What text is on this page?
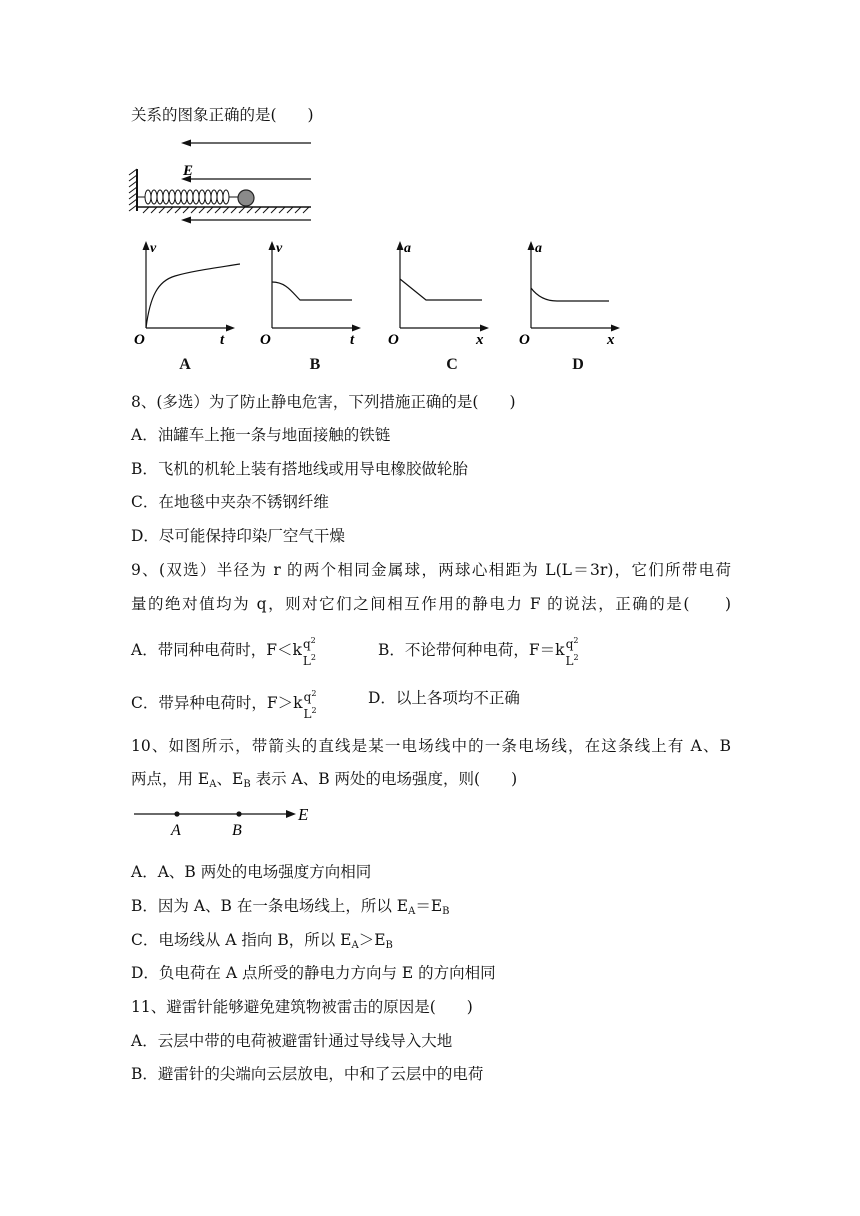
关系的图象正确的是(　　)
E
v
t
O
A
v
t
O
B
a
x
O
C
a
x
O
D
8、(多选）为了防止静电危害，下列措施正确的是(　　)
A．油罐车上拖一条与地面接触的铁链
B．飞机的机轮上装有搭地线或用导电橡胶做轮胎
C．在地毯中夹杂不锈钢纤维
D．尽可能保持印染厂空气干燥
9、(双选）半径为 r 的两个相同金属球，两球心相距为 L(L＝3r)，它们所带电荷
量的绝对值均为 q，则对它们之间相互作用的静电力 F 的说法，正确的是(　　)
A．带同种电荷时，F＜k $q^2$
$L^2$	B．不论带何种电荷，F＝k $q^2$
$L^2$
C．带异种电荷时，F＞k $q^2$
$L^2$
D．以上各项均不正确
10、如图所示，带箭头的直线是某一电场线中的一条电场线，在这条线上有 A、B
两点，用 $E_A$、$E_B$ 表示 A、B 两处的电场强度，则(　　)
A	B
E
A．A、B 两处的电场强度方向相同
B．因为 A、B 在一条电场线上，所以 $E_A=E_B$
C．电场线从 A 指向 B，所以 $E_A>E_B$
D．负电荷在 A 点所受的静电力方向与 E 的方向相同
11、避雷针能够避免建筑物被雷击的原因是(　　)
A．云层中带的电荷被避雷针通过导线导入大地
B．避雷针的尖端向云层放电，中和了云层中的电荷
